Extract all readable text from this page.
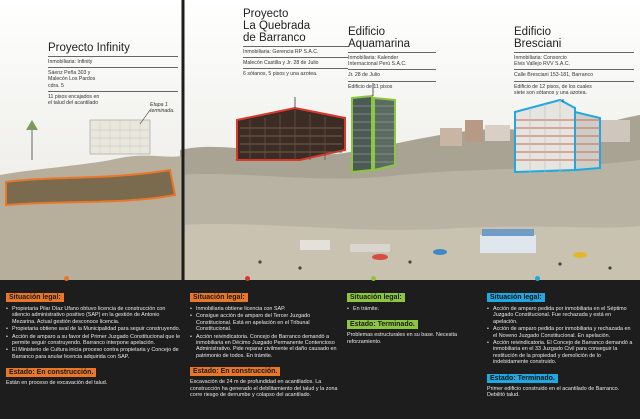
Proyecto Infinity
Inmobiliaria: Infinity
Sáenz Peña 303 y
Malecón Los Pardos
cdra. 5
11 pisos encajados en
el talud del acantilado	Etapa 1 terminada.
Proyecto
La Quebrada
de Barranco
Inmobiliaria: Gerencia RP S.A.C.
Malecón Castilla y Jr. 28 de Julio
6 sótanos, 5 pisos y una azotea.
Edificio
Aquamarina
Inmobiliaria: Kalender
Internacional Perú S.A.C.
Jr. 28 de Julio
Edificio de 11 pisos
Edificio
Bresciani
Inmobiliaria: Consorcio
Elvis Vallejo RVV S.A.C.
Calle Bresciani 153-181, Barranco
Edificio de 12 pisos, de los cuales
siete son sótanos y una azotea.
Situación legal:
• Propietaria Pilar Díaz Ufano obtuvo licencia de construcción con silencio administrativo positivo (SAP) en la gestión de Antonio Mezarina. Actual gestión desconoce licencia.
• Propietaria obtiene aval de la Municipalidad para seguir construyendo.
• Acción de amparo a su favor del Primer Juzgado Constitucional que le permite seguir construyendo. Barranco interpone apelación.
• El Ministerio de Cultura inicia proceso contra propietaria y Concejo de Barranco para anular licencia adquirida con SAP.
Estado: En construcción.
Están en proceso de excavación del talud.
Situación legal:
• Inmobiliaria obtiene licencia con SAP.
• Consigue acción de amparo del Tercer Juzgado Constitucional. Está en apelación en el Tribunal Constitucional.
• Acción reivindicatoria. Concejo de Barranco demandó a inmobiliaria en Décimo Juzgado Permanente Contencioso Administrativo. Pide reparar civilmente el daño causado en patrimonio de todos. En trámite.
Estado: En construcción.
Excavación de 24 m de profundidad en acantilados. La construcción ha generado el debilitamiento del talud y la zona corre riesgo de derrumbe y colapso del acantilado.
Situación legal:
• En trámite.
Estado: Terminado.
Problemas estructurales en su base. Necesita reforzamiento.
Situación legal:
• Acción de amparo pedida por inmobiliaria en el Séptimo Juzgado Constitucional. Fue rechazada y está en apelación.
• Acción de amparo pedida por inmobiliaria y rechazada en el Noveno Juzgado Constitucional. En apelación.
• Acción reivindicatoria. El Concejo de Barranco demandó a inmobiliaria en el 33 Juzgado Civil para conseguir la restitución de la propiedad y demolición de lo indebidamente construido.
Estado: Terminado.
Primer edificio construido en el acantilado de Barranco. Debilitó talud.
